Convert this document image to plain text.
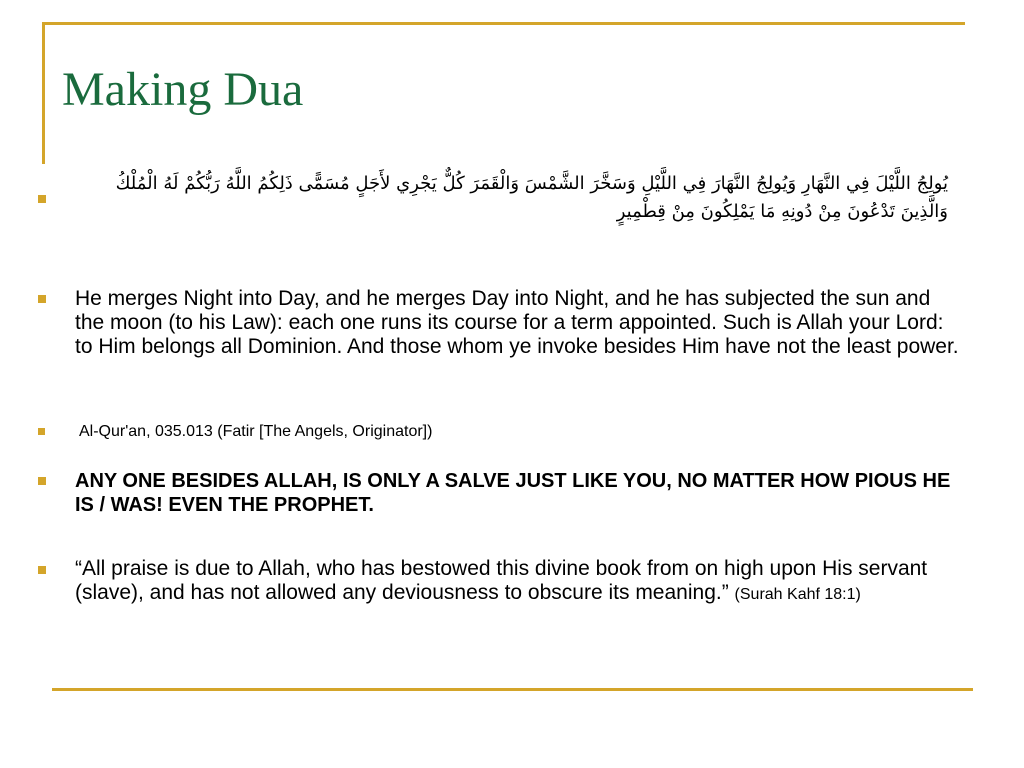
Making Dua
يُولِجُ اللَّيْلَ فِي النَّهَارِ وَيُولِجُ النَّهَارَ فِي اللَّيْلِ وَسَخَّرَ الشَّمْسَ وَالْقَمَرَ كُلٌّ يَجْرِي لأَجَلٍ مُسَمًّى ذَلِكُمُ اللَّهُ رَبُّكُمْ لَهُ الْمُلْكُ وَالَّذِينَ تَدْعُونَ مِنْ دُونِهِ مَا يَمْلِكُونَ مِنْ قِطْمِيرٍ
He merges Night into Day, and he merges Day into Night, and he has subjected the sun and the moon (to his Law): each one runs its course for a term appointed. Such is Allah your Lord: to Him belongs all Dominion. And those whom ye invoke besides Him have not the least power.
Al-Qur'an, 035.013 (Fatir [The Angels, Originator])
ANY ONE BESIDES ALLAH, IS ONLY A SALVE JUST LIKE YOU, NO MATTER HOW PIOUS HE IS / WAS! EVEN THE PROPHET.
“All praise is due to Allah, who has bestowed this divine book from on high upon His servant (slave), and has not allowed any deviousness to obscure its meaning.” (Surah Kahf 18:1)
